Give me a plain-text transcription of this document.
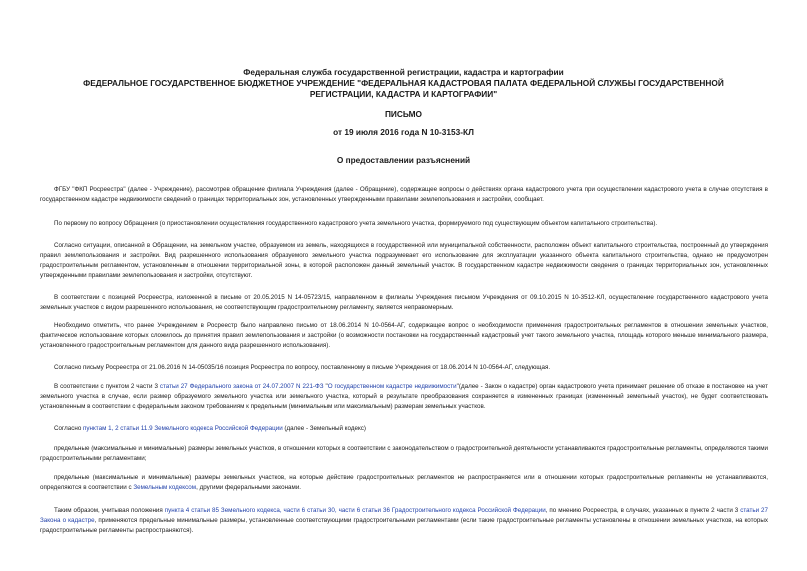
Федеральная служба государственной регистрации, кадастра и картографии
ФЕДЕРАЛЬНОЕ ГОСУДАРСТВЕННОЕ БЮДЖЕТНОЕ УЧРЕЖДЕНИЕ "ФЕДЕРАЛЬНАЯ КАДАСТРОВАЯ ПАЛАТА ФЕДЕРАЛЬНОЙ СЛУЖБЫ ГОСУДАРСТВЕННОЙ
РЕГИСТРАЦИИ, КАДАСТРА И КАРТОГРАФИИ"
ПИСЬМО
от 19 июля 2016 года N 10-3153-КЛ
О предоставлении разъяснений

ФГБУ "ФКП Росреестра" (далее - Учреждение), рассмотрев обращение филиала Учреждения (далее - Обращение), содержащее вопросы о действиях органа кадастрового учета при осуществлении кадастрового учета в случае отсутствия в государственном кадастре недвижимости сведений о границах территориальных зон, установленных утвержденными правилами землепользования и застройки, сообщает.

По первому по вопросу Обращения (о приостановлении осуществления государственного кадастрового учета земельного участка, формируемого под существующим объектом капитального строительства).

Согласно ситуации, описанной в Обращении, на земельном участке, образуемом из земель, находящихся в государственной или муниципальной собственности, расположен объект капитального строительства, построенный до утверждения правил землепользования и застройки. Вид разрешенного использования образуемого земельного участка подразумевает его использование для эксплуатации указанного объекта капитального строительства, однако не предусмотрен градостроительным регламентом, установленным в отношении территориальной зоны, в которой расположен данный земельный участок. В государственном кадастре недвижимости сведения о границах территориальных зон, установленных утвержденными правилами землепользования и застройки, отсутствуют.

В соответствии с позицией Росреестра, изложенной в письме от 20.05.2015 N 14-05723/15, направленном в филиалы Учреждения письмом Учреждения от 09.10.2015 N 10-3512-КЛ, осуществление государственного кадастрового учета земельных участков с видом разрешенного использования, не соответствующим градостроительному регламенту, является неправомерным.

Необходимо отметить, что ранее Учреждением в Росреестр было направлено письмо от 18.06.2014 N 10-0564-АГ, содержащее вопрос о необходимости применения градостроительных регламентов в отношении земельных участков, фактическое использование которых сложилось до принятия правил землепользования и застройки (о возможности постановки на государственный кадастровый учет такого земельного участка, площадь которого меньше минимального размера, установленного градостроительным регламентом для данного вида разрешенного использования).

Согласно письму Росреестра от 21.06.2016 N 14-05035/16 позиция Росреестра по вопросу, поставленному в письме Учреждения от 18.06.2014 N 10-0564-АГ, следующая.

В соответствии с пунктом 2 части 3 статьи 27 Федерального закона от 24.07.2007 N 221-ФЗ "О государственном кадастре недвижимости"(далее - Закон о кадастре) орган кадастрового учета принимает решение об отказе в постановке на учет земельного участка в случае, если размер образуемого земельного участка или земельного участка, который в результате преобразования сохраняется в измененных границах (измененный земельный участок), не будет соответствовать установленным в соответствии с федеральным законом требованиям к предельным (минимальным или максимальным) размерам земельных участков.

Согласно пунктам 1, 2 статьи 11.9 Земельного кодекса Российской Федерации (далее - Земельный кодекс)

предельные (максимальные и минимальные) размеры земельных участков, в отношении которых в соответствии с законодательством о градостроительной деятельности устанавливаются градостроительные регламенты, определяются такими градостроительными регламентами;

предельные (максимальные и минимальные) размеры земельных участков, на которые действие градостроительных регламентов не распространяется или в отношении которых градостроительные регламенты не устанавливаются, определяются в соответствии с Земельным кодексом, другими федеральными законами.

Таким образом, учитывая положения пункта 4 статьи 85 Земельного кодекса, части 6 статьи 30, части 6 статьи 36 Градостроительного кодекса Российской Федерации, по мнению Росреестра, в случаях, указанных в пункте 2 части 3 статьи 27 Закона о кадастре, применяются предельные минимальные размеры, установленные соответствующими градостроительными регламентами (если такие градостроительные регламенты установлены в отношении земельных участков, на которых градостроительные регламенты распространяются).
